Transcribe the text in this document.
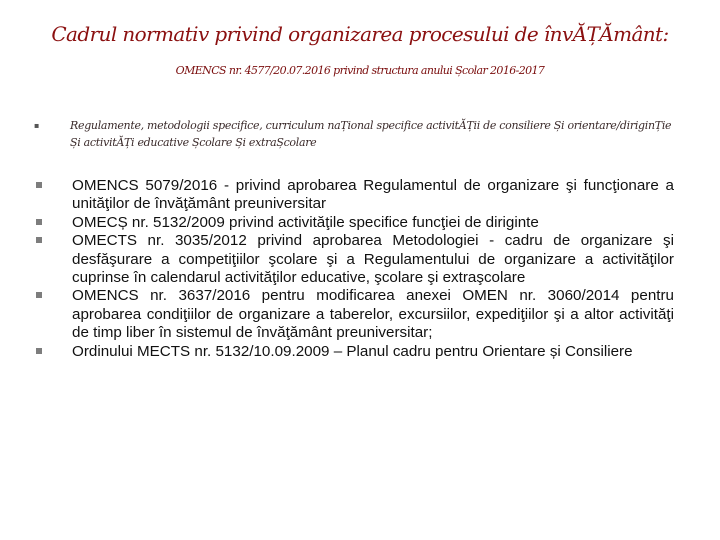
Cadrul normativ privind organizarea procesului de învĂȚĂmânt:
OMENCS nr. 4577/20.07.2016 privind structura anului Școlar 2016-2017
▪	Regulamente, metodologii specifice, curriculum naȚional specifice activitĂȚii de consiliere Și orientare/diriginȚie Și activitĂȚi educative Școlare Și extraȘcolare
OMENCS 5079/2016 - privind aprobarea Regulamentul de organizare şi funcţionare a unităţilor de învăţământ preuniversitar
OMECȘ nr. 5132/2009 privind activităţile specifice funcţiei de diriginte
OMECTS nr. 3035/2012 privind aprobarea Metodologiei - cadru de organizare şi desfăşurare a competiţiilor şcolare şi a Regulamentului de organizare a activităţilor cuprinse în calendarul activităţilor educative, şcolare şi extraşcolare
OMENCS nr. 3637/2016 pentru modificarea anexei OMEN nr. 3060/2014 pentru aprobarea condiţiilor de organizare a taberelor, excursiilor, expediţiilor şi a altor activităţi de timp liber în sistemul de învăţământ preuniversitar;
Ordinului MECTS nr. 5132/10.09.2009 – Planul cadru pentru Orientare și Consiliere
